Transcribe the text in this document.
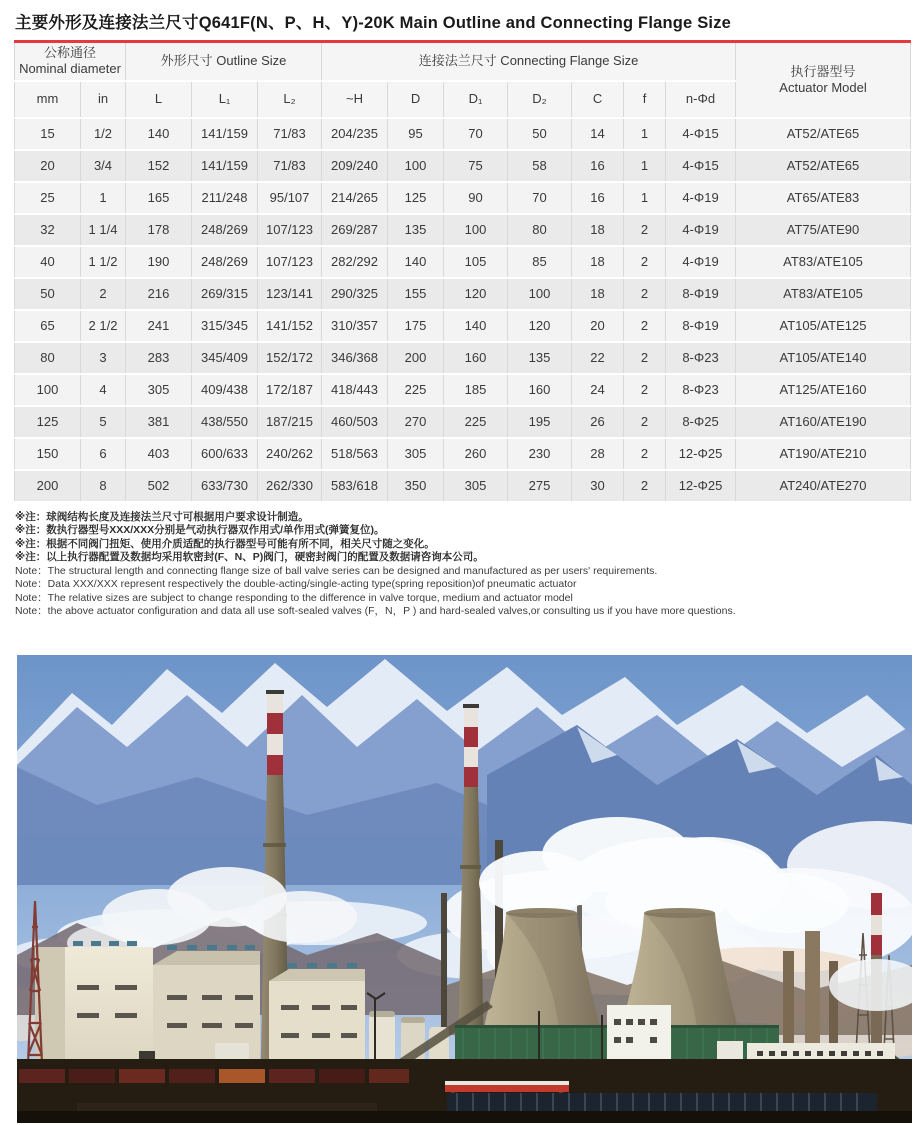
主要外形及连接法兰尺寸Q641F(N、P、H、Y)-20K Main Outline and Connecting Flange Size
公称通径
Nominal diameter
	外形尺寸 Outline Size	连接法兰尺寸 Connecting Flange Size	
执行器型号
Actuator Model

mm	in	L	L₁	L₂	~H	D	D₁	D₂	C	f	n-Φd	
15	1/2	140	141/159	71/83	204/235	95	70	50	14	1	4-Φ15	AT52/ATE65
20	3/4	152	141/159	71/83	209/240	100	75	58	16	1	4-Φ15	AT52/ATE65
25	1	165	211/248	95/107	214/265	125	90	70	16	1	4-Φ19	AT65/ATE83
32	1 1/4	178	248/269	107/123	269/287	135	100	80	18	2	4-Φ19	AT75/ATE90
40	1 1/2	190	248/269	107/123	282/292	140	105	85	18	2	4-Φ19	AT83/ATE105
50	2	216	269/315	123/141	290/325	155	120	100	18	2	8-Φ19	AT83/ATE105
65	2 1/2	241	315/345	141/152	310/357	175	140	120	20	2	8-Φ19	AT105/ATE125
80	3	283	345/409	152/172	346/368	200	160	135	22	2	8-Φ23	AT105/ATE140
100	4	305	409/438	172/187	418/443	225	185	160	24	2	8-Φ23	AT125/ATE160
125	5	381	438/550	187/215	460/503	270	225	195	26	2	8-Φ25	AT160/ATE190
150	6	403	600/633	240/262	518/563	305	260	230	28	2	12-Φ25	AT190/ATE210
200	8	502	633/730	262/330	583/618	350	305	275	30	2	12-Φ25	AT240/ATE270
※注：球阀结构长度及连接法兰尺寸可根据用户要求设计制造。
※注：数执行器型号XXX/XXX分别是气动执行器双作用式/单作用式(弹簧复位)。
※注：根据不同阀门扭矩、使用介质适配的执行器型号可能有所不同，相关尺寸随之变化。
※注：以上执行器配置及数据均采用软密封(F、N、P)阀门，硬密封阀门的配置及数据请咨询本公司。
Note：The structural length and connecting flange size of ball valve series can be designed and manufactured as per users' requirements.
Note：Data XXX/XXX represent respectively the double-acting/single-acting type(spring reposition)of pneumatic actuator
Note：The relative sizes are subject to change responding to the difference in valve torque, medium and actuator model
Note：the above actuator configuration and data all use soft-sealed valves (F，N，P ) and hard-sealed valves,or consulting us if you have more questions.
